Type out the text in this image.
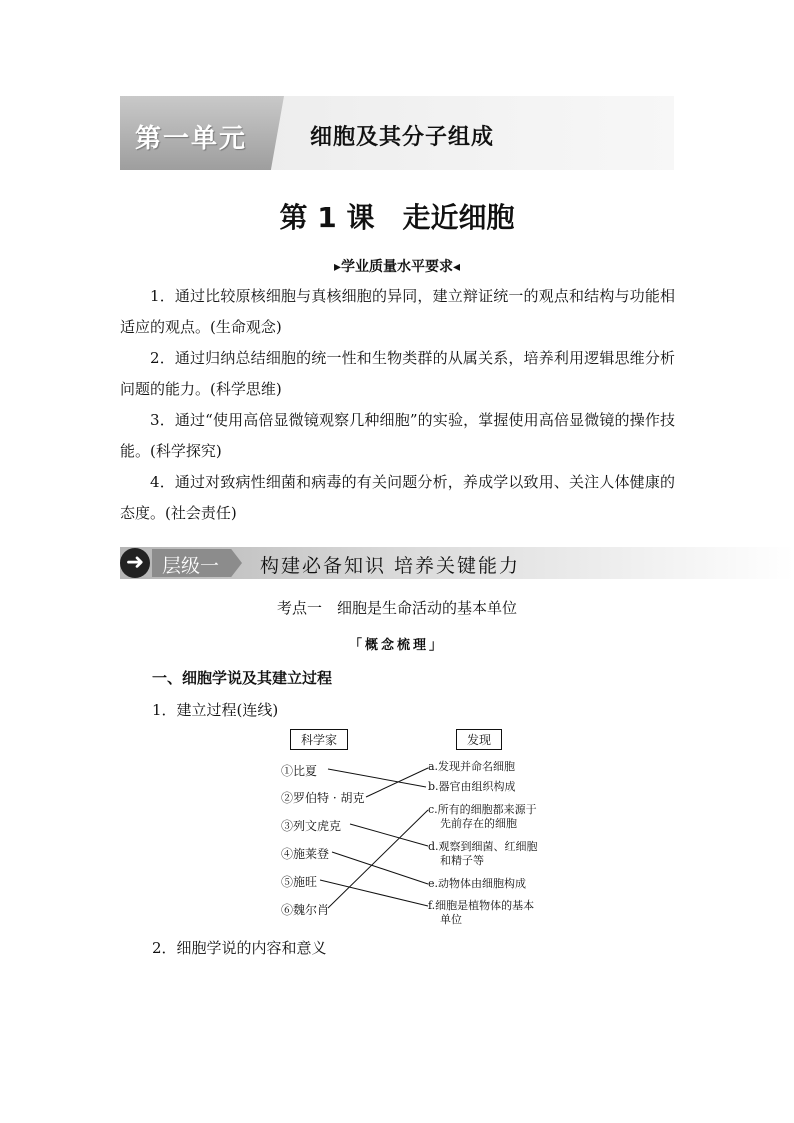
第一单元	细胞及其分子组成
第 1 课　走近细胞
▸学业质量水平要求◂
1．通过比较原核细胞与真核细胞的异同，建立辩证统一的观点和结构与功能相适应的观点。(生命观念)
2．通过归纳总结细胞的统一性和生物类群的从属关系，培养利用逻辑思维分析问题的能力。(科学思维)
3．通过“使用高倍显微镜观察几种细胞”的实验，掌握使用高倍显微镜的操作技能。(科学探究)
4．通过对致病性细菌和病毒的有关问题分析，养成学以致用、关注人体健康的态度。(社会责任)
➜ 层级一 构建必备知识 培养关键能力
考点一　细胞是生命活动的基本单位
「概念梳理」
一、细胞学说及其建立过程
1．建立过程(连线)
科学家	发现
①比夏
②罗伯特 · 胡克
③列文虎克
④施莱登
⑤施旺
⑥魏尔肖
a.发现并命名细胞
b.器官由组织构成
c.所有的细胞都来源于
先前存在的细胞
d.观察到细菌、红细胞
和精子等
e.动物体由细胞构成
f.细胞是植物体的基本
单位
2．细胞学说的内容和意义
